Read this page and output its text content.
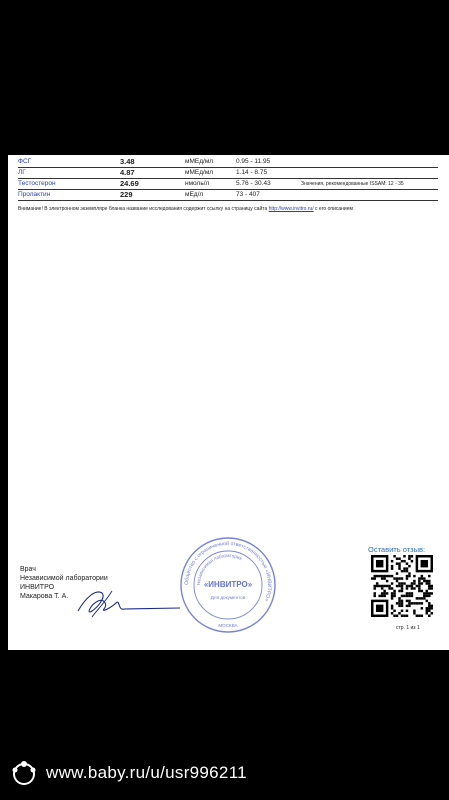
ФСГ	3.48	мМЕд/мл	0.95 - 11.95
ЛГ	4.87	мМЕд/мл	1.14 - 8.75
Тестостерон	24.69	нмоль/л	5.76 - 30.43	Значения, рекомендованные ISSAM: 12 - 35
Пролактин	229	мЕд/л	73 - 407
Внимание! В электронном экземпляре бланка название исследования содержит ссылку на страницу сайта http://www.invitro.ru/ с его описанием
Врач
Независимой лаборатории
ИНВИТРО
Макарова Т. А.
Общество с ограниченной ответственностью «ИНВИТРО»
Независимая лаборатория
«ИНВИТРО»
Для документов
МОСКВА
Оставить отзыв:
стр. 1 из 1
www.baby.ru/u/usr996211
